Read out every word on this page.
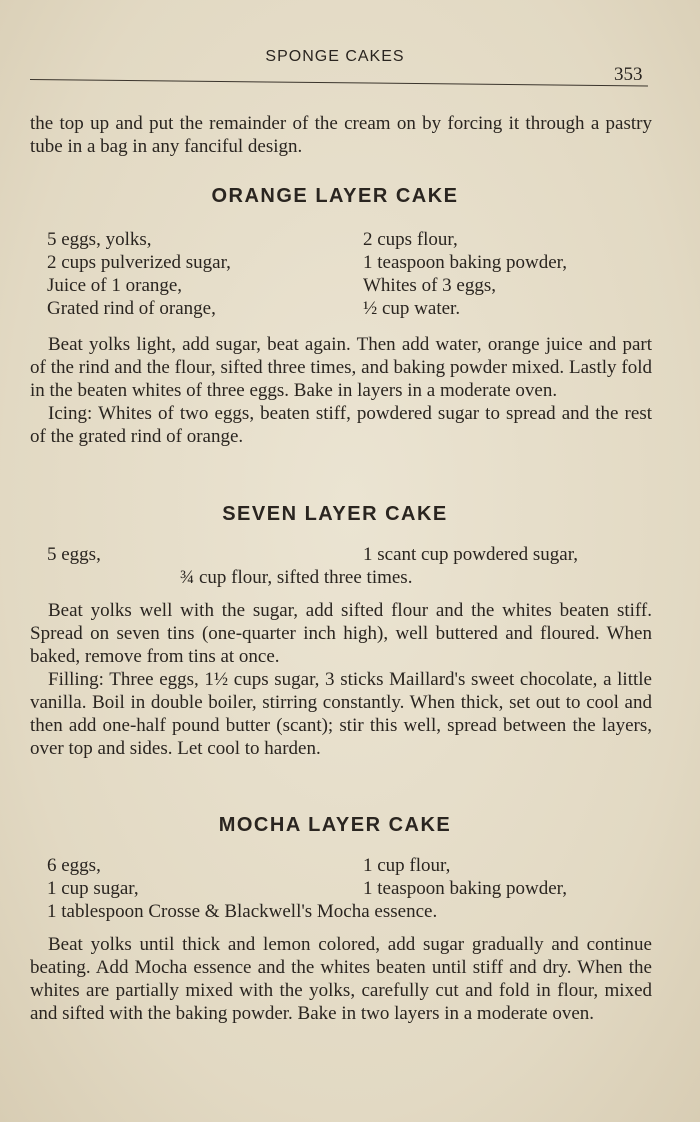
SPONGE CAKES
353

the top up and put the remainder of the cream on by forcing it through a pastry tube in a bag in any fanciful design.

ORANGE LAYER CAKE
5 eggs, yolks,	2 cups flour,
2 cups pulverized sugar,	1 teaspoon baking powder,
Juice of 1 orange,	Whites of 3 eggs,
Grated rind of orange,	½ cup water.

Beat yolks light, add sugar, beat again. Then add water, orange juice and part of the rind and the flour, sifted three times, and baking powder mixed. Lastly fold in the beaten whites of three eggs. Bake in layers in a moderate oven.

Icing: Whites of two eggs, beaten stiff, powdered sugar to spread and the rest of the grated rind of orange.

SEVEN LAYER CAKE
5 eggs,	1 scant cup powdered sugar,
¾ cup flour, sifted three times.

Beat yolks well with the sugar, add sifted flour and the whites beaten stiff. Spread on seven tins (one-quarter inch high), well buttered and floured. When baked, remove from tins at once.

Filling: Three eggs, 1½ cups sugar, 3 sticks Maillard's sweet chocolate, a little vanilla. Boil in double boiler, stirring constantly. When thick, set out to cool and then add one-half pound butter (scant); stir this well, spread between the layers, over top and sides. Let cool to harden.

MOCHA LAYER CAKE
6 eggs,	1 cup flour,
1 cup sugar,	1 teaspoon baking powder,
1 tablespoon Crosse & Blackwell's Mocha essence.

Beat yolks until thick and lemon colored, add sugar gradually and continue beating. Add Mocha essence and the whites beaten until stiff and dry. When the whites are partially mixed with the yolks, carefully cut and fold in flour, mixed and sifted with the baking powder. Bake in two layers in a moderate oven.
